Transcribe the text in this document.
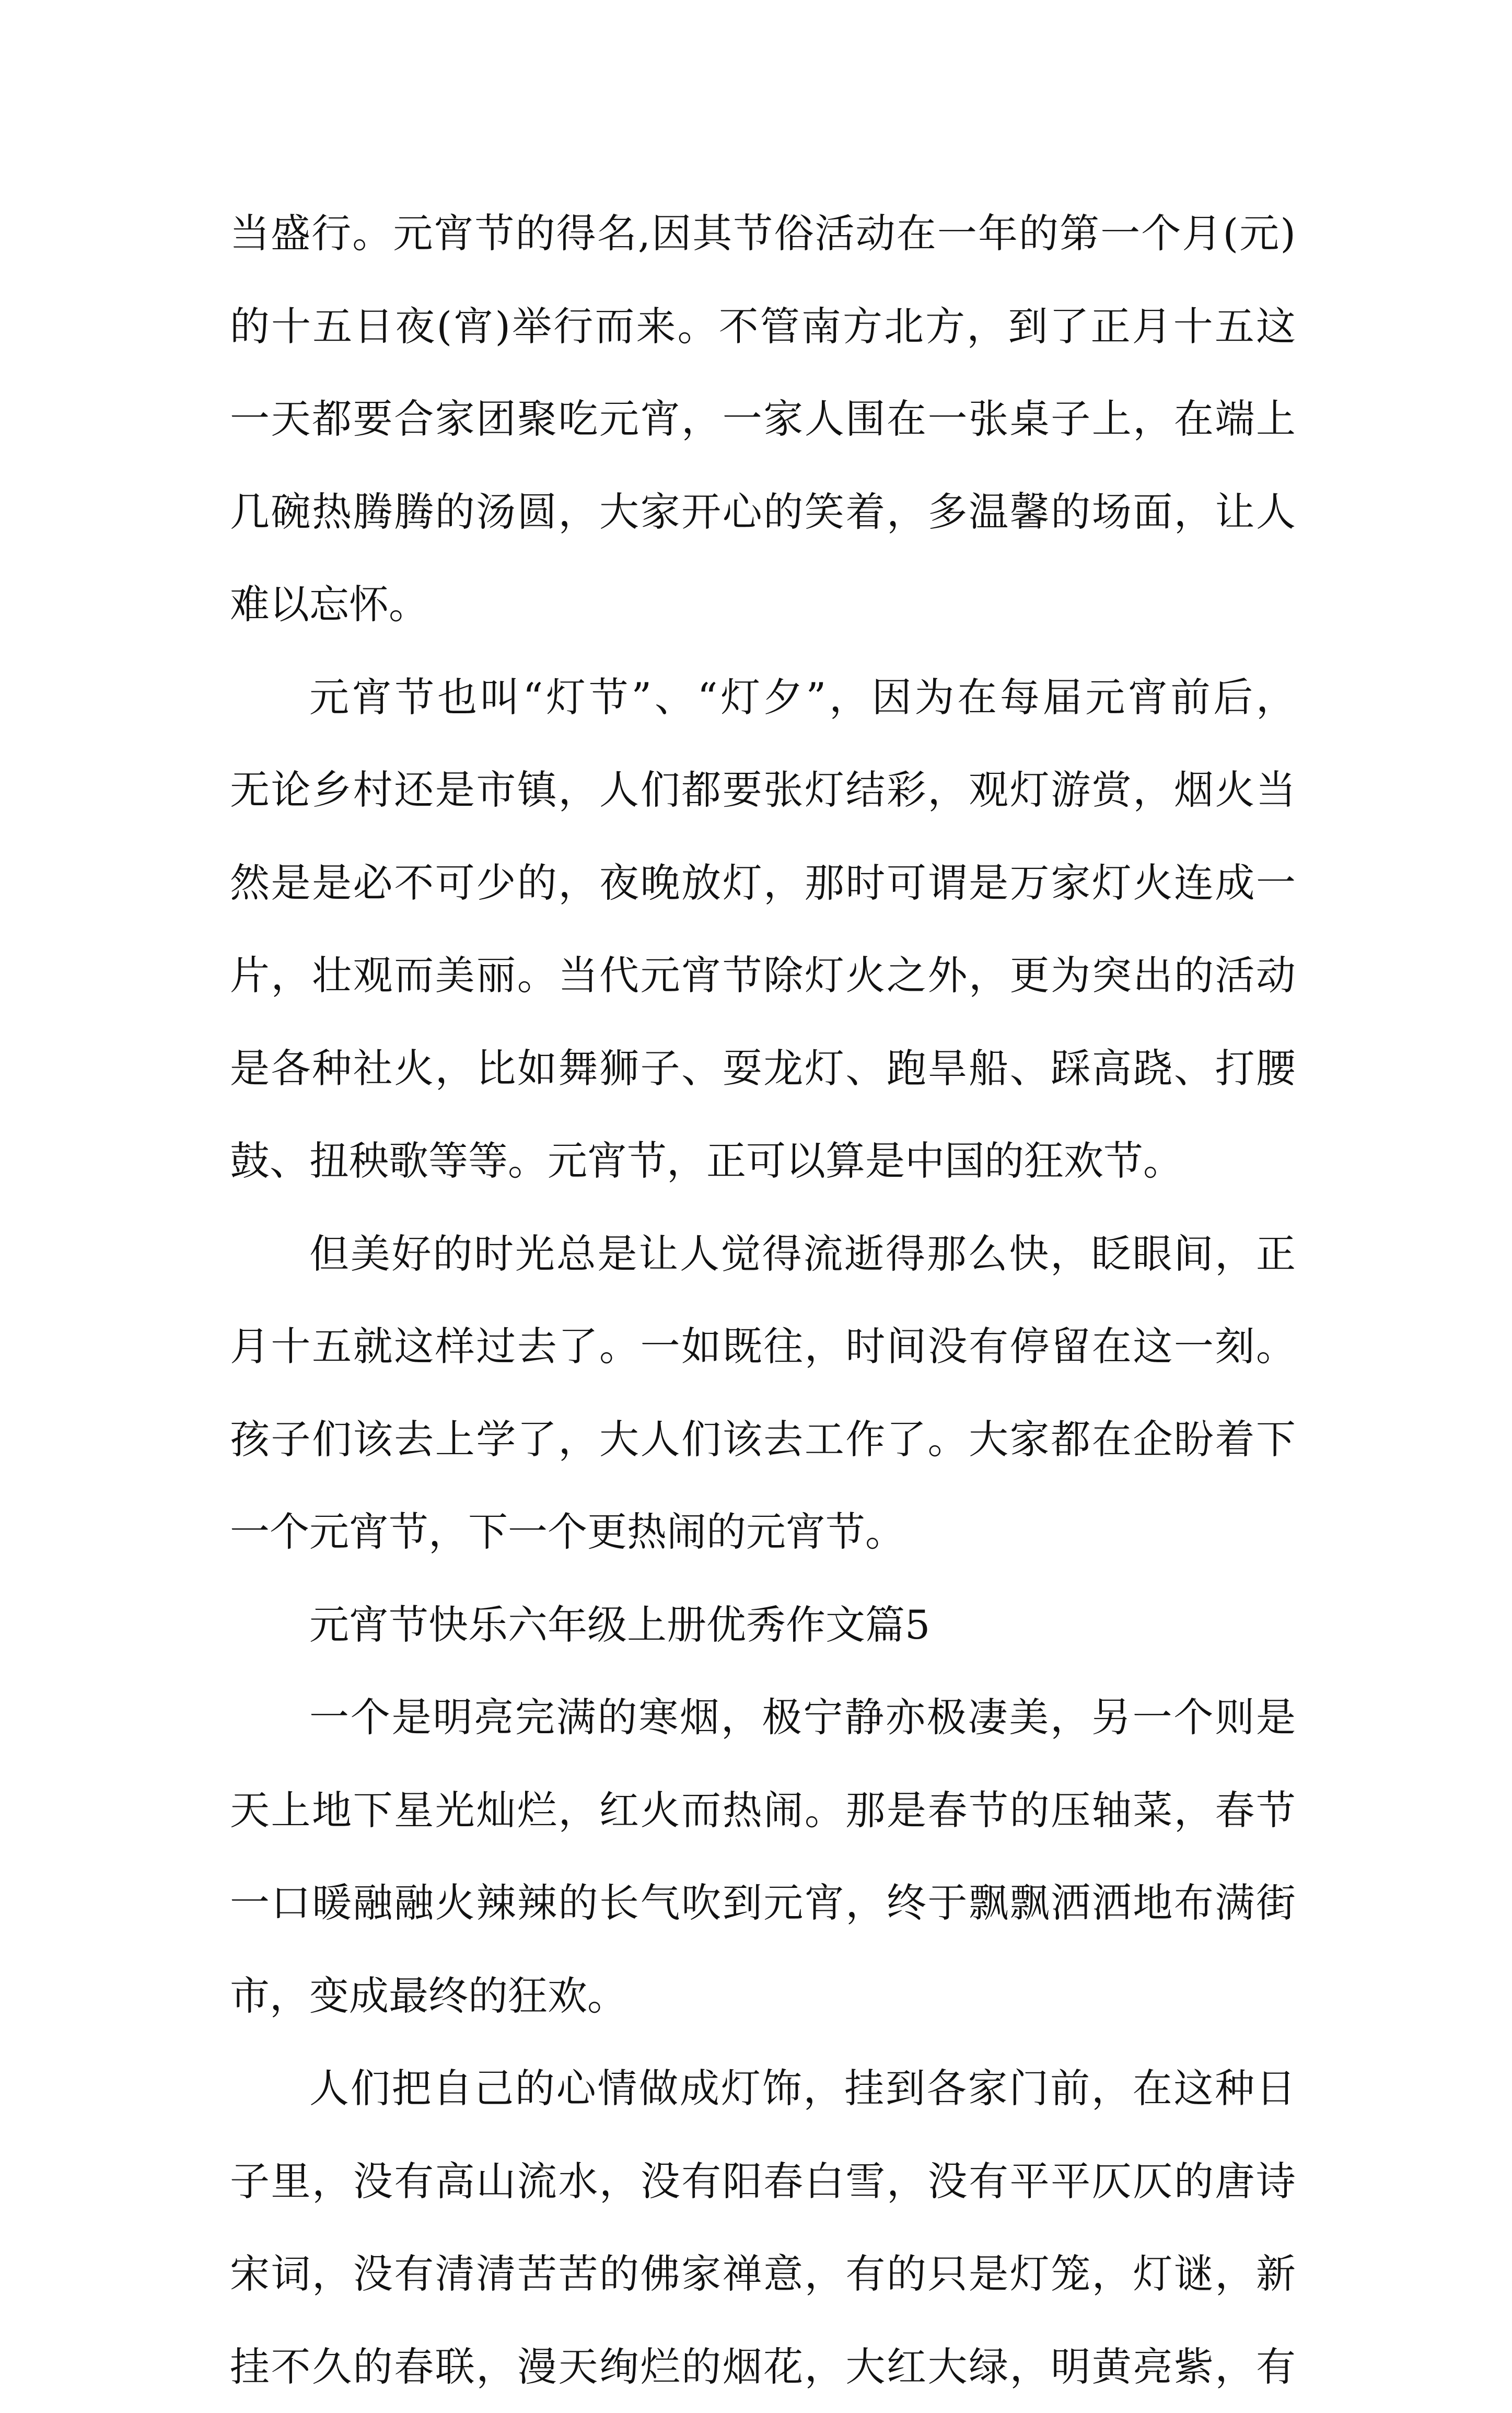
当盛行。元宵节的得名,因其节俗活动在一年的第一个月(元)
的十五日夜(宵)举行而来。不管南方北方，到了正月十五这
一天都要合家团聚吃元宵，一家人围在一张桌子上，在端上
几碗热腾腾的汤圆，大家开心的笑着，多温馨的场面，让人
难以忘怀。
元宵节也叫“灯节”、“灯夕”，因为在每届元宵前后，
无论乡村还是市镇，人们都要张灯结彩，观灯游赏，烟火当
然是是必不可少的，夜晚放灯，那时可谓是万家灯火连成一
片，壮观而美丽。当代元宵节除灯火之外，更为突出的活动
是各种社火，比如舞狮子、耍龙灯、跑旱船、踩高跷、打腰
鼓、扭秧歌等等。元宵节，正可以算是中国的狂欢节。
但美好的时光总是让人觉得流逝得那么快，眨眼间，正
月十五就这样过去了。一如既往，时间没有停留在这一刻。
孩子们该去上学了，大人们该去工作了。大家都在企盼着下
一个元宵节，下一个更热闹的元宵节。
元宵节快乐六年级上册优秀作文篇5
一个是明亮完满的寒烟，极宁静亦极凄美，另一个则是
天上地下星光灿烂，红火而热闹。那是春节的压轴菜，春节
一口暖融融火辣辣的长气吹到元宵，终于飘飘洒洒地布满街
市，变成最终的狂欢。
人们把自己的心情做成灯饰，挂到各家门前，在这种日
子里，没有高山流水，没有阳春白雪，没有平平仄仄的唐诗
宋词，没有清清苦苦的佛家禅意，有的只是灯笼，灯谜，新
挂不久的春联，漫天绚烂的烟花，大红大绿，明黄亮紫，有
